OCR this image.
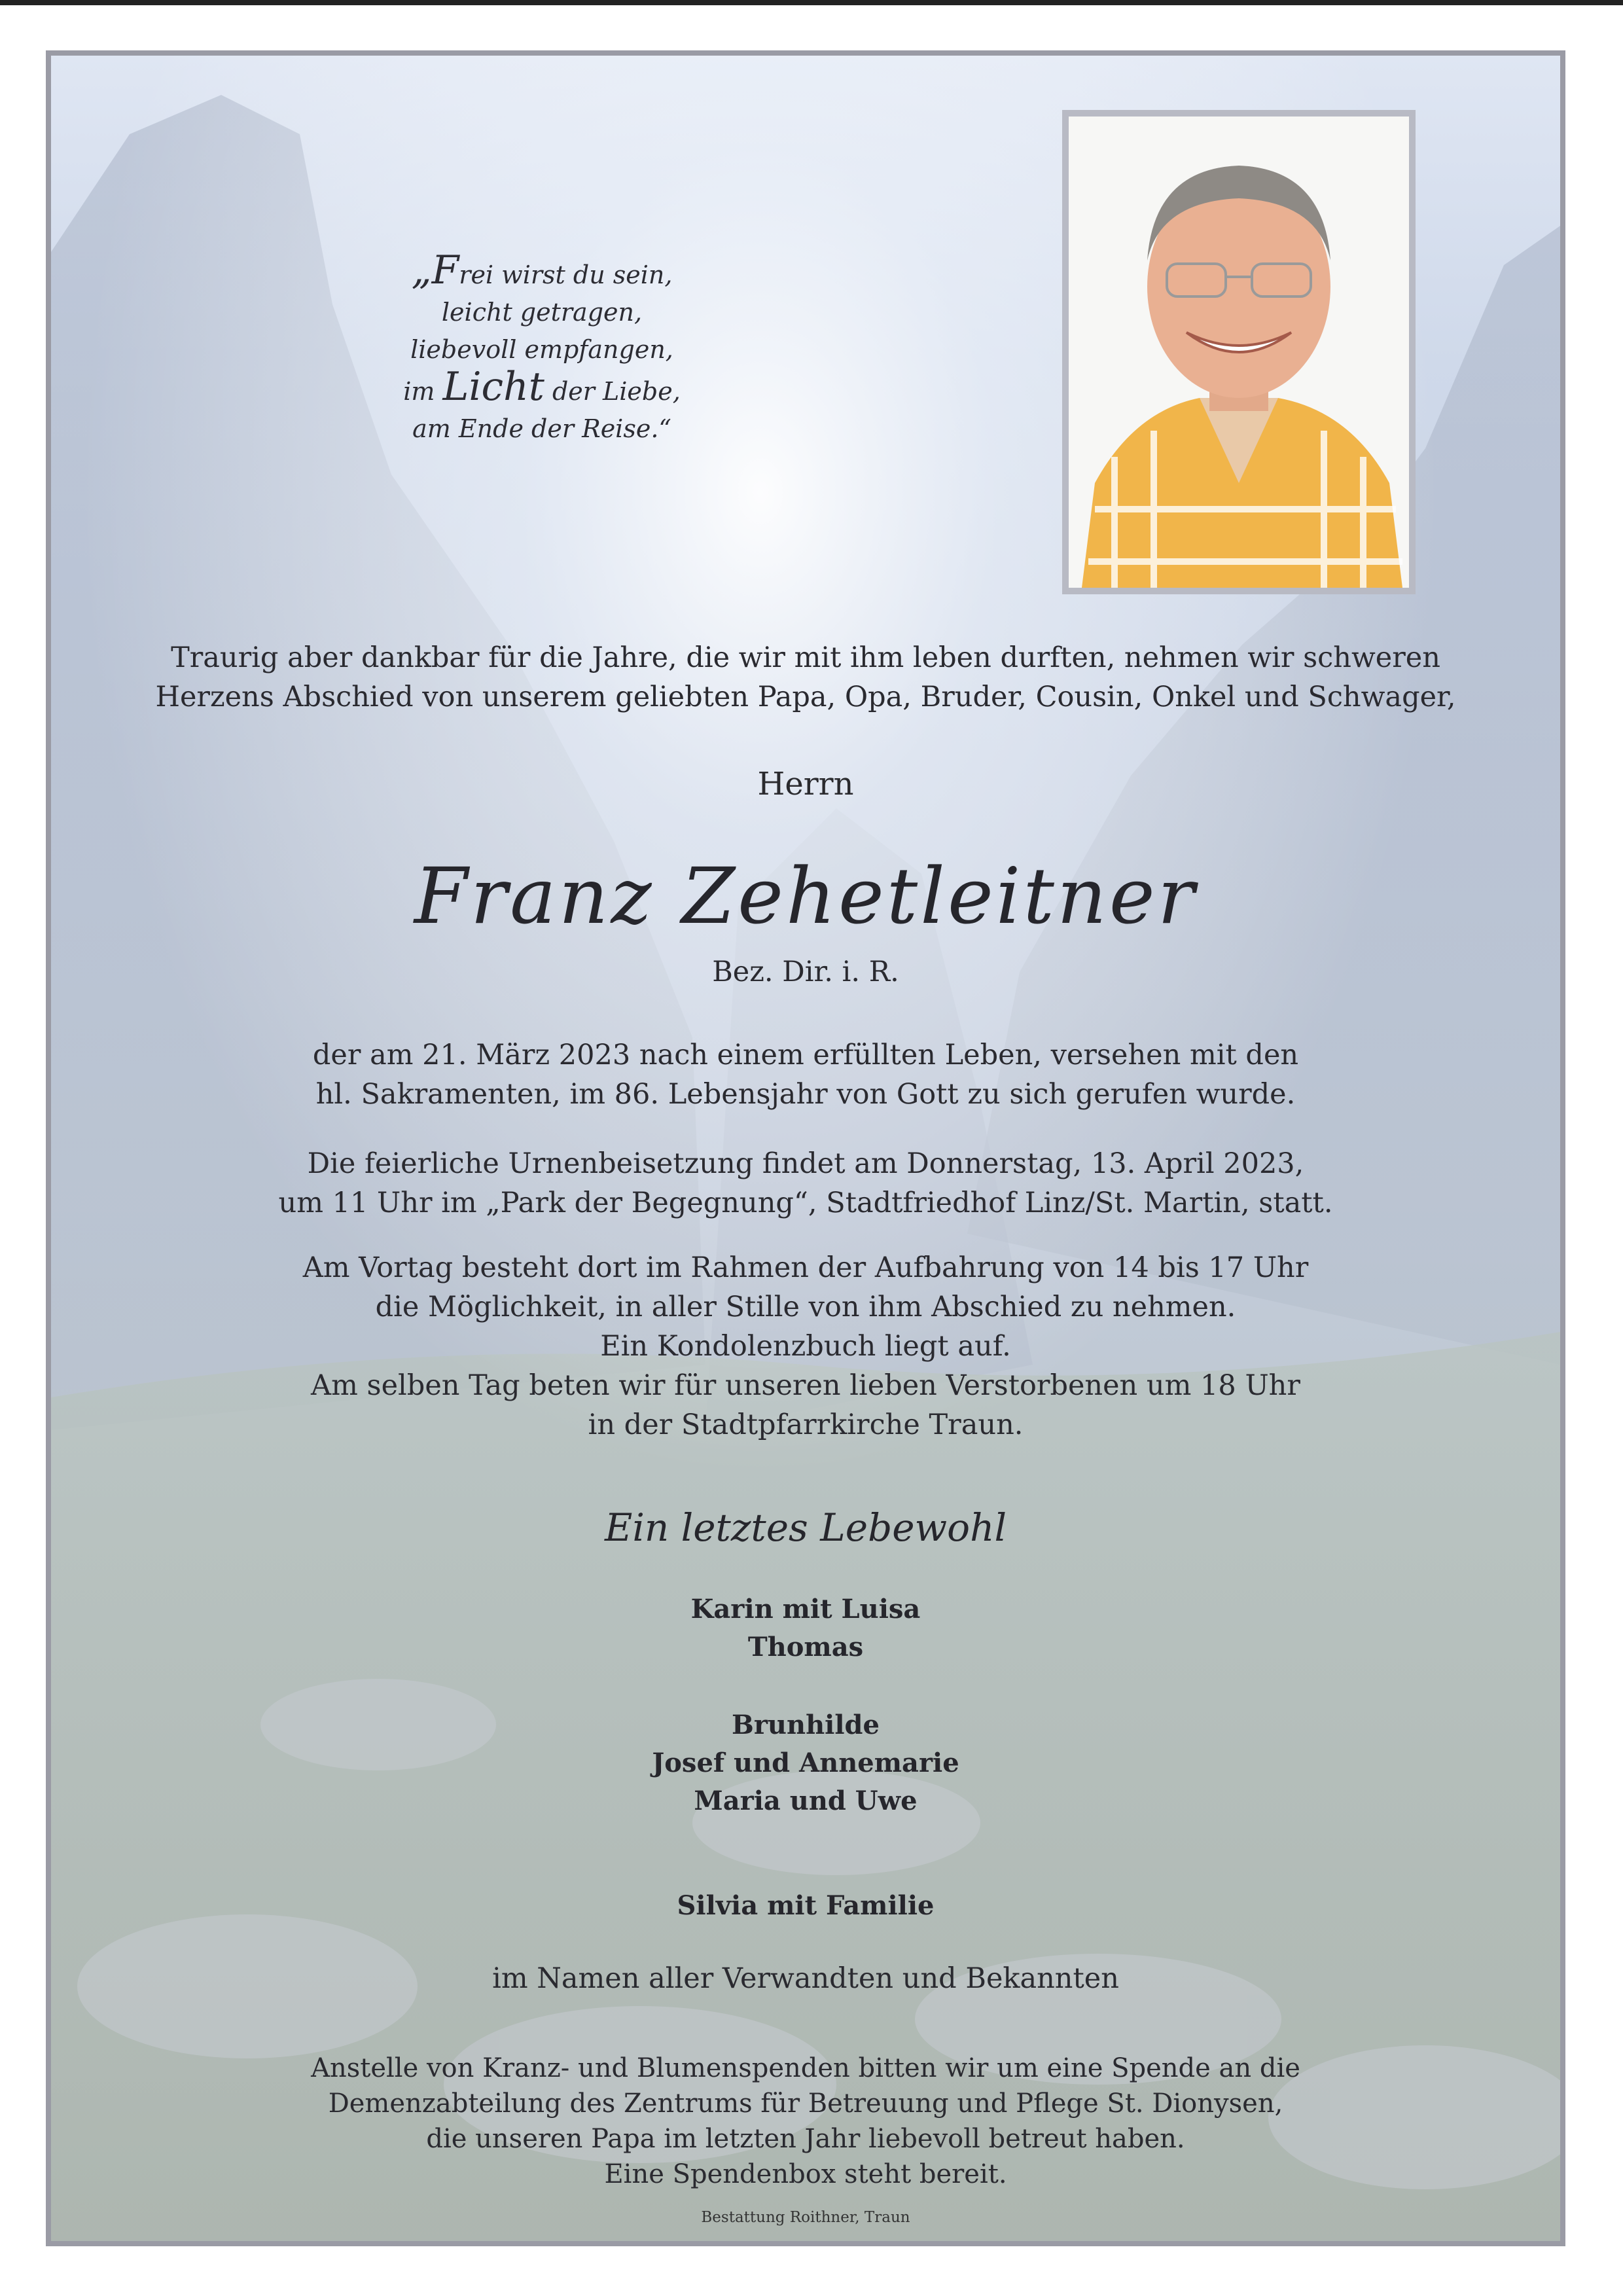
„Frei wirst du sein,
leicht getragen,
liebevoll empfangen,
im Licht der Liebe,
am Ende der Reise.“
Traurig aber dankbar für die Jahre, die wir mit ihm leben durften, nehmen wir schweren
Herzens Abschied von unserem geliebten Papa, Opa, Bruder, Cousin, Onkel und Schwager,
Herrn
Franz Zehetleitner
Bez. Dir. i. R.
der am 21. März 2023 nach einem erfüllten Leben, versehen mit den
hl. Sakramenten, im 86. Lebensjahr von Gott zu sich gerufen wurde.
Die feierliche Urnenbeisetzung findet am Donnerstag, 13. April 2023,
um 11 Uhr im „Park der Begegnung“, Stadtfriedhof Linz/St. Martin, statt.
Am Vortag besteht dort im Rahmen der Aufbahrung von 14 bis 17 Uhr
die Möglichkeit, in aller Stille von ihm Abschied zu nehmen.
Ein Kondolenzbuch liegt auf.
Am selben Tag beten wir für unseren lieben Verstorbenen um 18 Uhr
in der Stadtpfarrkirche Traun.
Ein letztes Lebewohl
Karin mit Luisa
Thomas
Brunhilde
Josef und Annemarie
Maria und Uwe
Silvia mit Familie
im Namen aller Verwandten und Bekannten
Anstelle von Kranz- und Blumenspenden bitten wir um eine Spende an die
Demenzabteilung des Zentrums für Betreuung und Pflege St. Dionysen,
die unseren Papa im letzten Jahr liebevoll betreut haben.
Eine Spendenbox steht bereit.
Bestattung Roithner, Traun
